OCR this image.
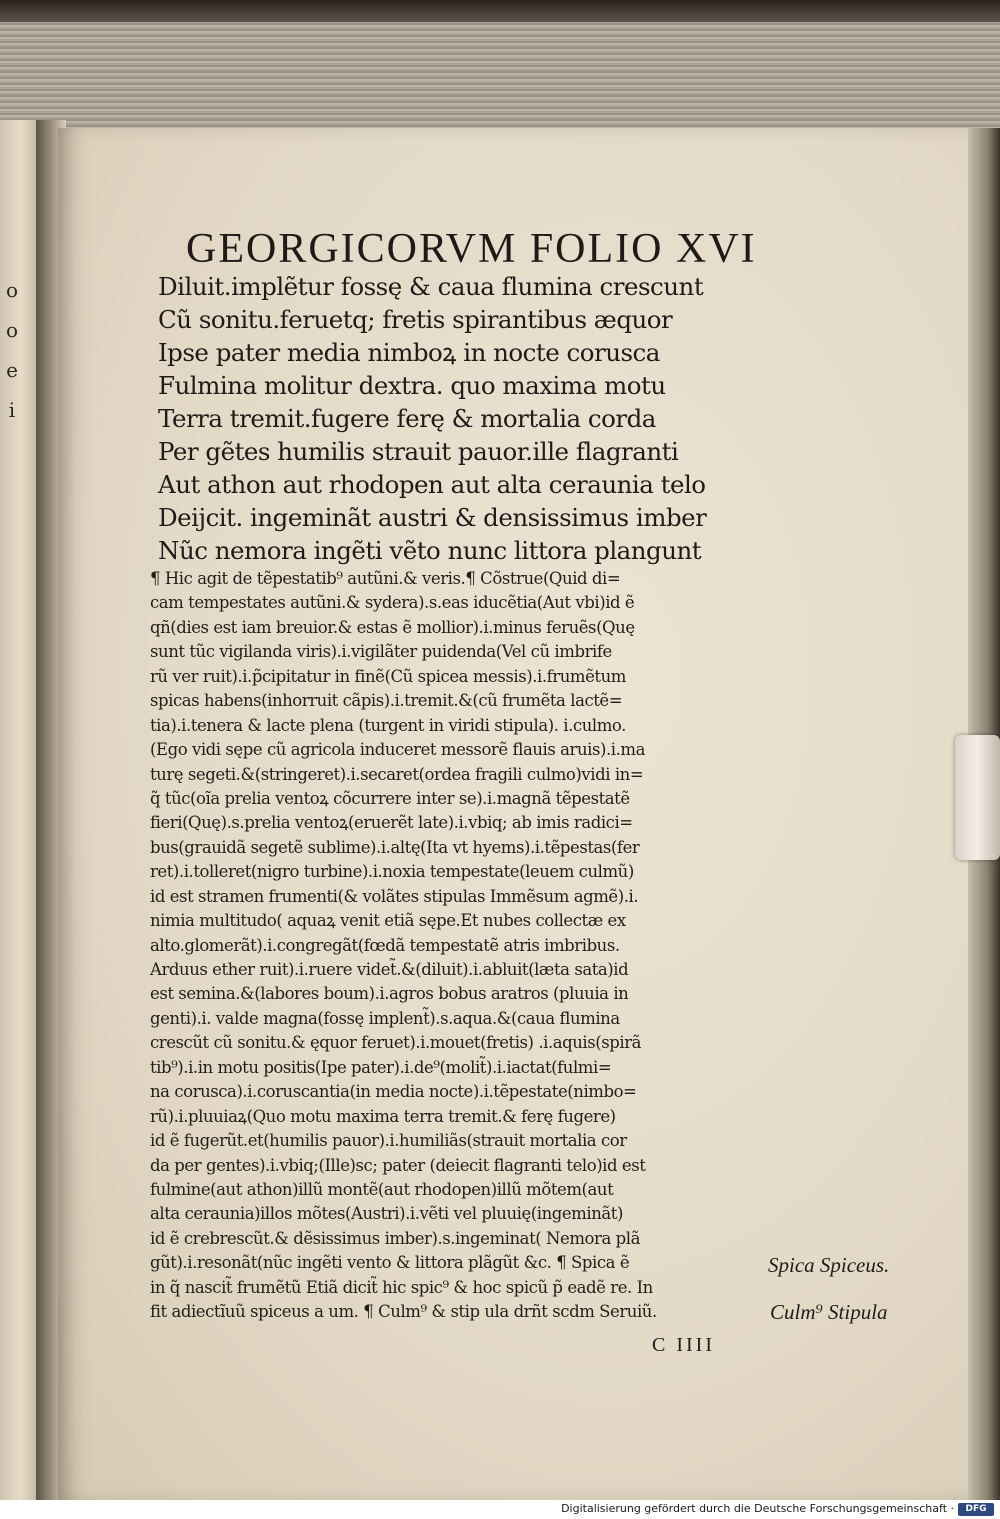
o
o
e
i

GEORGICORVM FOLIO XVI
Diluit.implẽtur fossę & caua flumina crescunt
Cũ sonitu.feruetq; fretis spirantibus æquor
Ipse pater media nimboꝝ in nocte corusca
Fulmina molitur dextra. quo maxima motu
Terra tremit.fugere ferę & mortalia corda
Per gẽtes humilis strauit pauor.ille flagranti
Aut athon aut rhodopen aut alta ceraunia telo
Deijcit. ingeminãt austri & densissimus imber
Nũc nemora ingẽti vẽto nunc littora plangunt
¶ Hic agit de tẽpestatib⁹ autũni.& veris.¶ Cõstrue(Quid di=
cam tempestates autũni.& sydera).s.eas iducẽtia(Aut vbi)id ẽ
qñ(dies est iam breuior.& estas ẽ mollior).i.minus feruẽs(Quę
sunt tũc vigilanda viris).i.vigilãter puidenda(Vel cũ imbrife
rũ ver ruit).i.p̃cipitatur in finẽ(Cũ spicea messis).i.frumẽtum
spicas habens(inhorruit cãpis).i.tremit.&(cũ frumẽta lactẽ=
tia).i.tenera & lacte plena (turgent in viridi stipula). i.culmo.
(Ego vidi sępe cũ agricola induceret messorẽ flauis aruis).i.ma
turę segeti.&(stringeret).i.secaret(ordea fragili culmo)vidi in=
q̃ tũc(oĩa prelia ventoꝝ cõcurrere inter se).i.magnã tẽpestatẽ
fieri(Quę).s.prelia ventoꝝ(eruerẽt late).i.vbiq; ab imis radici=
bus(grauidã segetẽ sublime).i.altę(Ita vt hyems).i.tẽpestas(fer
ret).i.tolleret(nigro turbine).i.noxia tempestate(leuem culmũ)
id est stramen frumenti(& volãtes stipulas Immẽsum agmẽ).i.
nimia multitudo( aquaꝝ venit etiã sępe.Et nubes collectæ ex
alto.glomerãt).i.congregãt(fœdã tempestatẽ atris imbribus.
Arduus ether ruit).i.ruere videt̃.&(diluit).i.abluit(læta sata)id
est semina.&(labores boum).i.agros bobus aratros (pluuia in
genti).i. valde magna(fossę implent̃).s.aqua.&(caua flumina
crescũt cũ sonitu.& ęquor feruet).i.mouet(fretis) .i.aquis(spirã
tib⁹).i.in motu positis(Ipe pater).i.de⁹(molit̃).i.iactat(fulmi=
na corusca).i.coruscantia(in media nocte).i.tẽpestate(nimbo=
rũ).i.pluuiaꝝ(Quo motu maxima terra tremit.& ferę fugere)
id ẽ fugerũt.et(humilis pauor).i.humiliãs(strauit mortalia cor
da per gentes).i.vbiq;(Ille)sc; pater (deiecit flagranti telo)id est
fulmine(aut athon)illũ montẽ(aut rhodopen)illũ mõtem(aut
alta ceraunia)illos mõtes(Austri).i.vẽti vel pluuię(ingeminãt)
id ẽ crebrescũt.& dẽsissimus imber).s.ingeminat( Nemora plã
gũt).i.resonãt(nũc ingẽti vento & littora plãgũt &c. ¶ Spica ẽ
in q̃ nascit̃ frumẽtũ Etiã dicit̃ hic spic⁹ & hoc spicũ p̃ eadẽ re. In
fit adiectĩuũ spiceus a um. ¶ Culm⁹ & stip ula drñt scdm Seruiũ.
C IIII
Spica Spiceus.
Culm⁹ Stipula
Digitalisierung gefördert durch die Deutsche Forschungsgemeinschaft ·	DFG
